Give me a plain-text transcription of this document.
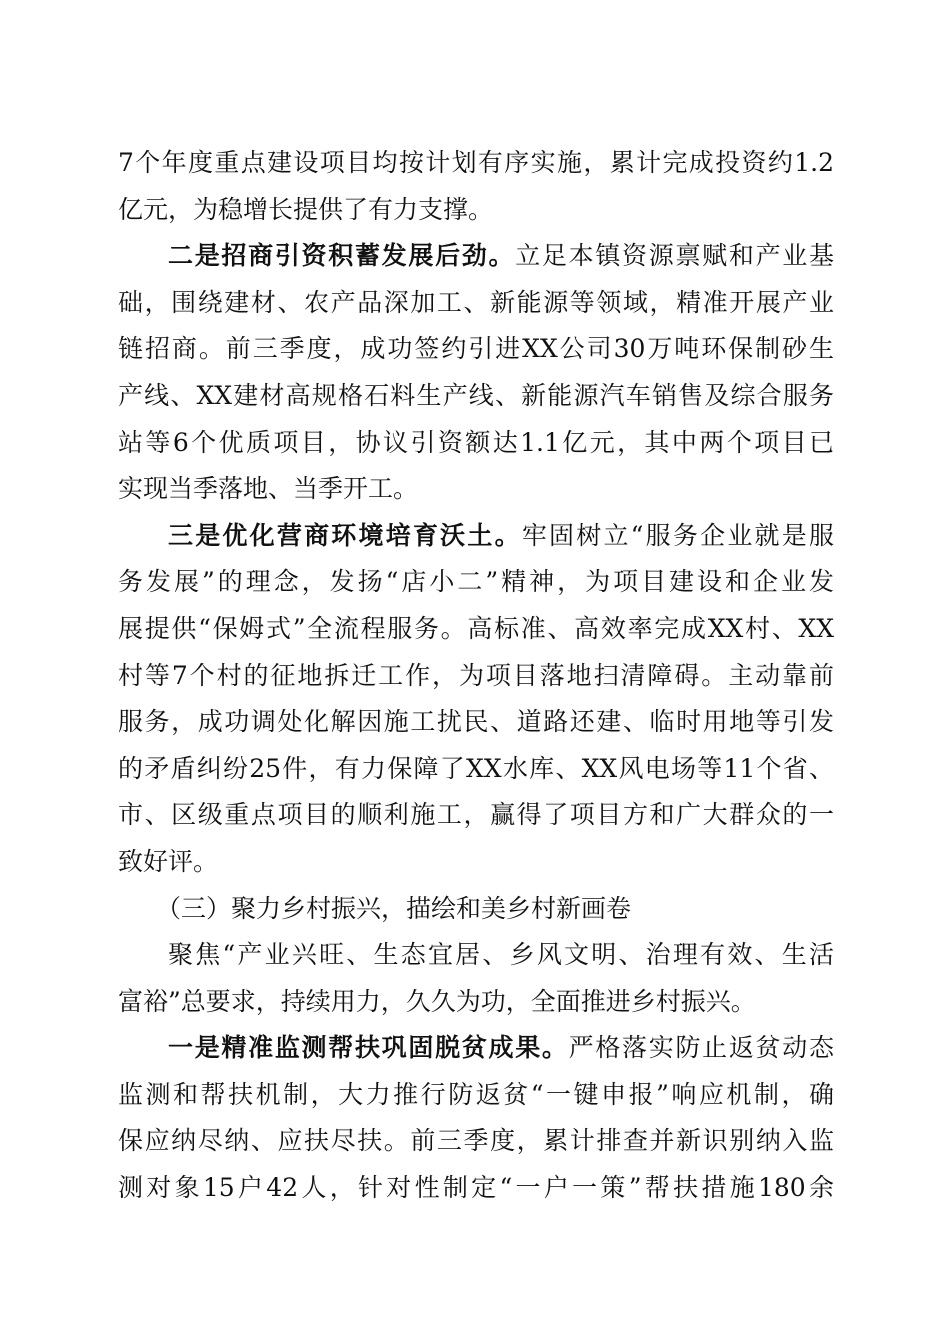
7个年度重点建设项目均按计划有序实施，累计完成投资约1.2
亿元，为稳增长提供了有力支撑。
二是招商引资积蓄发展后劲。立足本镇资源禀赋和产业基
础，围绕建材、农产品深加工、新能源等领域，精准开展产业
链招商。前三季度，成功签约引进XX公司30万吨环保制砂生
产线、XX建材高规格石料生产线、新能源汽车销售及综合服务
站等6个优质项目，协议引资额达1.1亿元，其中两个项目已
实现当季落地、当季开工。
三是优化营商环境培育沃土。牢固树立“服务企业就是服
务发展”的理念，发扬“店小二”精神，为项目建设和企业发
展提供“保姆式”全流程服务。高标准、高效率完成XX村、XX
村等7个村的征地拆迁工作，为项目落地扫清障碍。主动靠前
服务，成功调处化解因施工扰民、道路还建、临时用地等引发
的矛盾纠纷25件，有力保障了XX水库、XX风电场等11个省、
市、区级重点项目的顺利施工，赢得了项目方和广大群众的一
致好评。
（三）聚力乡村振兴，描绘和美乡村新画卷
聚焦“产业兴旺、生态宜居、乡风文明、治理有效、生活
富裕”总要求，持续用力，久久为功，全面推进乡村振兴。
一是精准监测帮扶巩固脱贫成果。严格落实防止返贫动态
监测和帮扶机制，大力推行防返贫“一键申报”响应机制，确
保应纳尽纳、应扶尽扶。前三季度，累计排查并新识别纳入监
测对象15户42人，针对性制定“一户一策”帮扶措施180余
